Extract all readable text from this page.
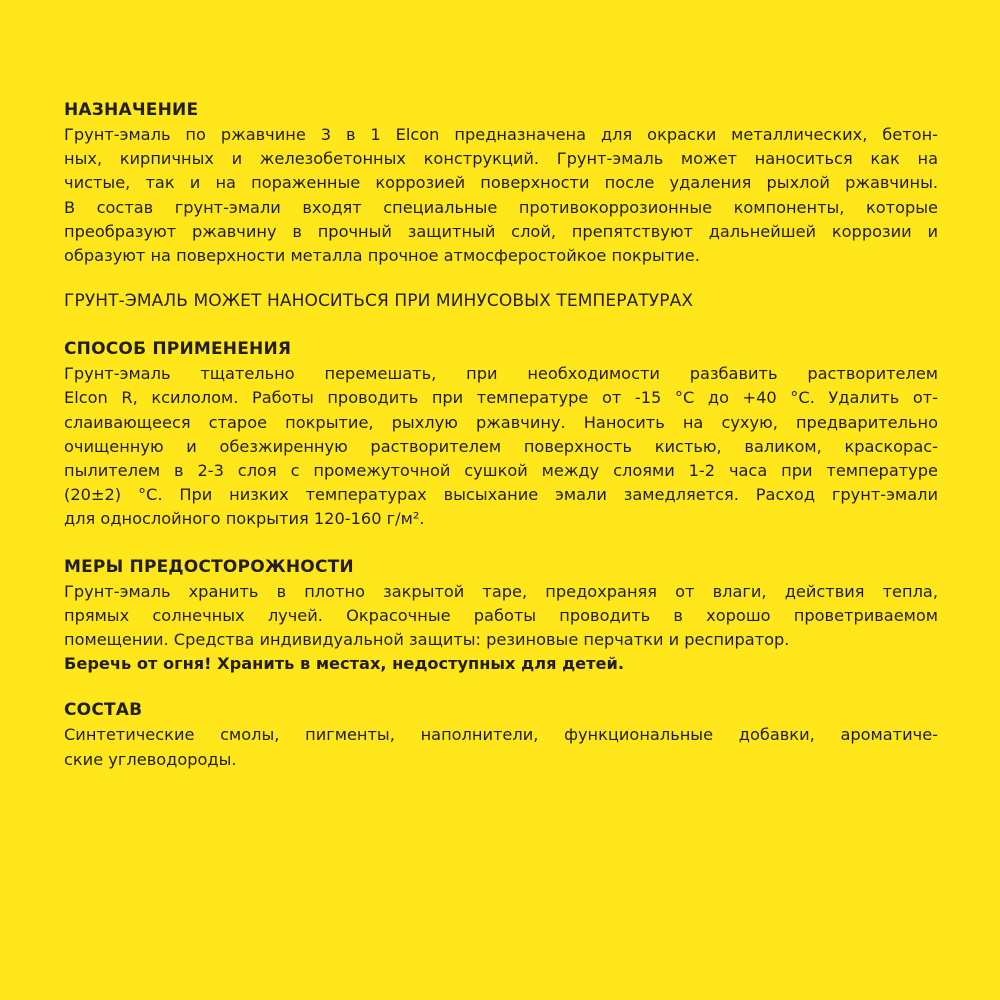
НАЗНАЧЕНИЕ

Грунт-эмаль по ржавчине 3 в 1 Elcon предназначена для окраски металлических, бетон-
ных, кирпичных и железобетонных конструкций. Грунт-эмаль может наноситься как на
чистые, так и на пораженные коррозией поверхности после удаления рыхлой ржавчины.
В состав грунт-эмали входят специальные противокоррозионные компоненты, которые
преобразуют ржавчину в прочный защитный слой, препятствуют дальнейшей коррозии и
образуют на поверхности металла прочное атмосферостойкое покрытие.

ГРУНТ-ЭМАЛЬ МОЖЕТ НАНОСИТЬСЯ ПРИ МИНУСОВЫХ ТЕМПЕРАТУРАХ

СПОСОБ ПРИМЕНЕНИЯ

Грунт-эмаль тщательно перемешать, при необходимости разбавить растворителем
Elcon R, ксилолом. Работы проводить при температуре от -15 °С до +40 °С. Удалить от-
слаивающееся старое покрытие, рыхлую ржавчину. Наносить на сухую, предварительно
очищенную и обезжиренную растворителем поверхность кистью, валиком, краскорас-
пылителем в 2-3 слоя с промежуточной сушкой между слоями 1-2 часа при температуре
(20±2) °С. При низких температурах высыхание эмали замедляется. Расход грунт-эмали
для однослойного покрытия 120-160 г/м².

МЕРЫ ПРЕДОСТОРОЖНОСТИ

Грунт-эмаль хранить в плотно закрытой таре, предохраняя от влаги, действия тепла,
прямых солнечных лучей. Окрасочные работы проводить в хорошо проветриваемом
помещении. Средства индивидуальной защиты: резиновые перчатки и респиратор.
Беречь от огня! Хранить в местах, недоступных для детей.

СОСТАВ

Синтетические смолы, пигменты, наполнители, функциональные добавки, ароматиче-
ские углеводороды.
